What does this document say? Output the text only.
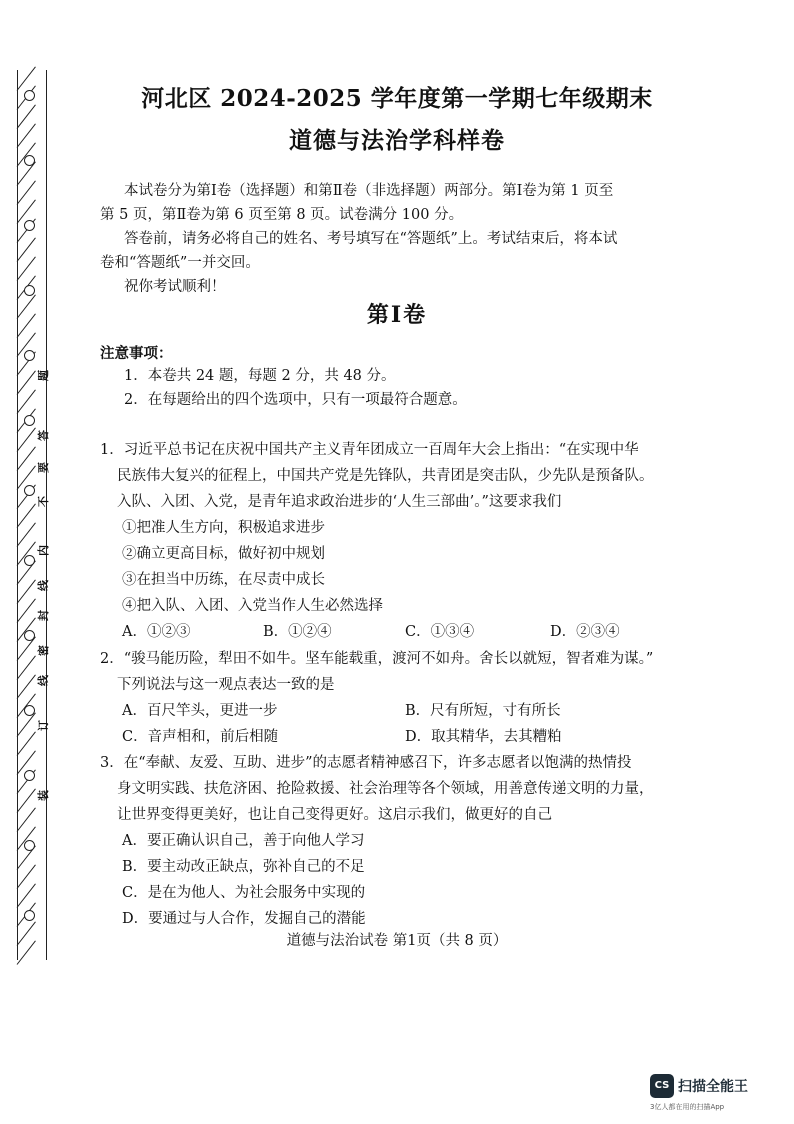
题
答
要
不
内
线
封
密
线
订
装
河北区 2024-2025 学年度第一学期七年级期末
道德与法治学科样卷
本试卷分为第Ⅰ卷（选择题）和第Ⅱ卷（非选择题）两部分。第Ⅰ卷为第 1 页至
第 5 页，第Ⅱ卷为第 6 页至第 8 页。试卷满分 100 分。
答卷前，请务必将自己的姓名、考号填写在“答题纸”上。考试结束后，将本试
卷和“答题纸”一并交回。
祝你考试顺利！
第Ⅰ卷
注意事项：
1．本卷共 24 题，每题 2 分，共 48 分。
2．在每题给出的四个选项中，只有一项最符合题意。
1．习近平总书记在庆祝中国共产主义青年团成立一百周年大会上指出：“在实现中华
民族伟大复兴的征程上，中国共产党是先锋队，共青团是突击队，少先队是预备队。
入队、入团、入党，是青年追求政治进步的‘人生三部曲’。”这要求我们
①把准人生方向，积极追求进步
②确立更高目标，做好初中规划
③在担当中历练，在尽责中成长
④把入队、入团、入党当作人生必然选择
A．①②③	B．①②④	C．①③④	D．②③④
2．“骏马能历险，犁田不如牛。坚车能载重，渡河不如舟。舍长以就短，智者难为谋。”
下列说法与这一观点表达一致的是
A．百尺竿头，更进一步	B．尺有所短，寸有所长
C．音声相和，前后相随	D．取其精华，去其糟粕
3．在“奉献、友爱、互助、进步”的志愿者精神感召下，许多志愿者以饱满的热情投
身文明实践、扶危济困、抢险救援、社会治理等各个领域，用善意传递文明的力量，
让世界变得更美好，也让自己变得更好。这启示我们，做更好的自己
A．要正确认识自己，善于向他人学习
B．要主动改正缺点，弥补自己的不足
C．是在为他人、为社会服务中实现的
D．要通过与人合作，发掘自己的潜能
道德与法治试卷 第1页（共 8 页）
CS 扫描全能王
3亿人都在用的扫描App
